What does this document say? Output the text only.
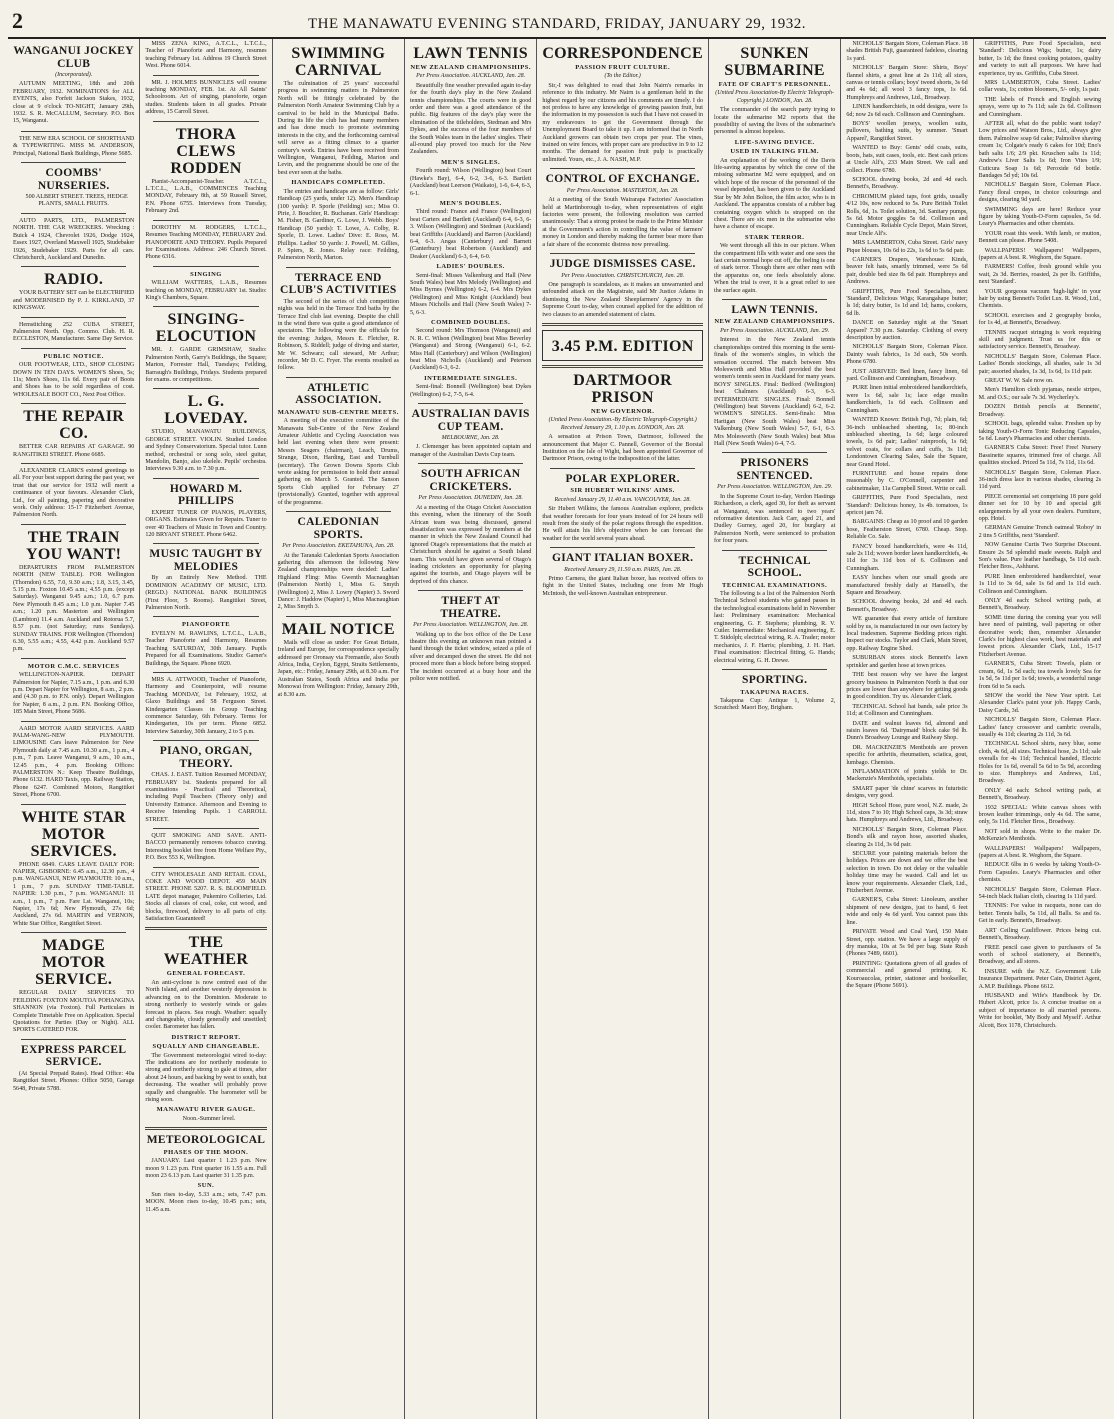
2	THE MANAWATU EVENING STANDARD, FRIDAY, JANUARY 29, 1932.
WANGANUI JOCKEY CLUB
(Incorporated).
AUTUMN MEETING, 18th and 20th FEBRUARY, 1932. NOMINATIONS for ALL EVENTS, also Forfeit Jackson Stakes, 1932, close at 9 o'clock TO-NIGHT, January 29th, 1932. S. R. McCALLUM, Secretary. P.O. Box 15, Wanganui.
THE NEW ERA SCHOOL OF SHORTHAND & TYPEWRITING. MISS M. ANDERSON, Principal, National Bank Buildings, Phone 5685.
COOMBS' NURSERIES.
500 ALBERT STREET. TREES, HEDGE PLANTS, SMALL FRUITS.
AUTO PARTS, LTD., PALMERSTON NORTH. THE CAR WRECKERS. Wrecking : Buick 4 1924, Chevrolet 1926, Dodge 1924, Essex 1927, Overland Maxwell 1925, Studebaker 1926, Studebaker 1929. Parts for all cars. Christchurch, Auckland and Dunedin.
RADIO.
YOUR BATTERY SET can be ELECTRIFIED and MODERNISED By P. J. KIRKLAND, 37 KINGSWAY.
Hemstitching 252 CUBA STREET, Palmerston North. Opp. Commo. Club. H. R. ECCLESTON, Manufacturer. Same Day Service.
PUBLIC NOTICE.
OUR FOOTWEAR, LTD., SHOP CLOSING DOWN IN TEN DAYS. WOMEN'S Shoes, 5s; 11s; Men's Shoes, 11s 6d. Every pair of Boots and Shoes has to be sold regardless of cost. WHOLESALE BOOT CO., Next Post Office.
THE REPAIR CO.
BETTER CAR REPAIRS AT GARAGE. 90 RANGITIKEI STREET. Phone 6685.
ALEXANDER CLARK'S extend greetings to all. For your best support during the past year, we trust that our service for 1932 will merit a continuance of your favours. Alexander Clark, Ltd., for all painting, papering and decorative work. Only address: 15-17 Fitzherbert Avenue, Palmerston North.
THE TRAIN YOU WANT!
DEPARTURES FROM PALMERSTON NORTH (NEW TABLE). FOR Wellington (Thorndon) 6.55, 7.0, 9.30 a.m.; 1.8, 3.15, 3.45, 5.15 p.m. Foxton 10.45 a.m.; 4.55 p.m. (except Saturday). Wanganui 9.45 a.m.; 1.0, 6.7 p.m. New Plymouth 8.45 a.m.; 1.0 p.m. Napier 7.45 a.m.; 1.20 p.m. Masterton and Wellington (Lambton) 11.4 a.m. Auckland and Rotorua 5.7, 8.57 p.m. (not Saturday; runs Sundays). SUNDAY TRAINS. FOR Wellington (Thorndon) 6.30, 5.55 a.m.; 4.55, 4.42 p.m. Auckland 9.57 p.m.
MOTOR C.M.C. SERVICES
WELLINGTON-NAPIER. DEPART Palmerston for Napier, 7.15 a.m., 1 p.m. and 6.30 p.m. Depart Napier for Wellington, 8 a.m., 2 p.m. and (4.30 p.m. to P.N. only). Depart Wellington for Napier, 8 a.m., 2 p.m. P.N. Booking Office, 185 Main Street, Phone 5686.
AARD MOTOR AARD SERVICES. AARD PALM-WANG-NEW PLYMOUTH. LIMOUSINE Cars leave Palmerston for New Plymouth daily at 7.45 a.m. 10.30 a.m., 1 p.m., 4 p.m., 7 p.m. Leave Wanganui, 9 a.m., 10 a.m., 12.45 p.m., 4 p.m. Booking Offices: PALMERSTON N.: Keep Theatre Buildings, Phone 6132. HARD Taxis, opp. Railway Station, Phone 6247. Combined Motors, Rangitikei Street, Phone 6700.
WHITE STAR MOTOR SERVICES.
PHONE 6849. CARS LEAVE DAILY FOR: NAPIER, GISBORNE: 6.45 a.m., 12.30 p.m., 4 p.m. WANGANUI, NEW PLYMOUTH: 10 a.m., 1 p.m., 7 p.m. SUNDAY TIME-TABLE. NAPIER: 1.30 p.m., 7 p.m. WANGANUI: 11 a.m., 1 p.m., 7 p.m. Fare Lst. Wanganui, 10s; Napier, 17s 6d; New Plymouth, 27s 6d; Auckland, 27s 6d. MARTIN and VERNON, White Star Office, Rangitikei Street.
MADGE MOTOR SERVICE.
REGULAR DAILY SERVICES TO FEILDING FOXTON MOUTOA POHANGINA SHANNON (via Foxton). Full Particulars in Complete Timetable Free on Application. Special Quotations for Parties (Day or Night). ALL SPORTS CATERED FOR.
EXPRESS PARCEL SERVICE.
(At Special Prepaid Rates). Head Office: 40a Rangitikei Street. Phones: Office 5050, Garage 5648, Private 5788.
MISS ZENA KING, A.T.C.L., L.T.C.L., Teacher of Pianoforte and Harmony, resumes teaching February 1st. Address 19 Church Street West. Phone 6014.
MR. J. HOLMES BUNNICLES will resume teaching MONDAY, FEB. 1st. At All Saints' Schoolroom. Art of singing, pianoforte, organ studies. Students taken in all grades. Private address, 15 Carroll Street.
THORA CLEWS RODDEN
Pianist-Accompanist-Teacher. A.T.C.L., L.T.C.L., L.A.B., COMMENCES Teaching MONDAY, February 8th, at 59 Russell Street, P.N. Phone 6755. Interviews from Tuesday, February 2nd.
DOROTHY M. RODGERS, L.T.C.L., Resumes Teaching MONDAY, FEBRUARY 2nd. PIANOFORTE AND THEORY. Pupils Prepared for Examinations. Address: 246 Church Street. Phone 6316.
SINGING
WILLIAM WATTERS, L.A.B., Resumes teaching on MONDAY, FEBRUARY 1st. Studio: King's Chambers, Square.
SINGING-ELOCUTION
MR. J. GARDE GRIMSHAW, Studio: Palmerston North, Garry's Buildings, the Square; Marton, Forrester Hall, Tuesdays; Feilding, Barraugh's Buildings, Fridays. Students prepared for exams. or competitions.
L. G. LOVEDAY.
STUDIO, MANAWATU BUILDINGS, GEORGE STREET. VIOLIN. Studied London and Sydney Conservatorium. Special tutor. Lunn method, orchestral or song solo, steel guitar, Mandolin, Banjo, also ukelele. Pupils' orchestra. Interviews 9.30 a.m. to 7.30 p.m.
HOWARD M. PHILLIPS
EXPERT TUNER OF PIANOS, PLAYERS, ORGANS. Estimates Given for Repairs. Tuner to over 40 Teachers of Music in Town and Country. 120 BRYANT STREET. Phone 6462.
MUSIC TAUGHT BY MELODIES
By an Entirely New Method. THE DOMINION ACADEMY OF MUSIC, LTD. (REGD.) NATIONAL BANK BUILDINGS (First Floor, 5 Rooms). Rangitikei Street, Palmerston North.
PIANOFORTE
EVELYN M. RAWLINS, L.T.C.L., L.A.B., Teacher Pianoforte and Harmony, Resumes Teaching SATURDAY, 30th January. Pupils Prepared for all Examinations. Studio: Garner's Buildings, the Square. Phone 6920.
MRS A. ATTWOOD, Teacher of Pianoforte, Harmony and Counterpoint, will resume Teaching MONDAY, 1st February, 1932, at Glaxo Buildings and 58 Ferguson Street. Kindergarten Classes in Group Teaching commence Saturday, 6th February. Terms for Kindergarten, 10s per term. Phone 6852. Interview Saturday, 30th January, 2 to 5 p.m.
PIANO, ORGAN, THEORY.
CHAS. J. EAST. Tuition Resumed MONDAY, FEBRUARY 1st. Students prepared for all examinations - Practical and Theoretical, including Pupil Teachers (Theory only) and University Entrance. Afternoon and Evening to Receive Intending Pupils. 1 CARROLL STREET.
QUIT SMOKING AND SAVE. ANTI-BACCO permanently removes tobacco craving. Interesting booklet free from Home Welfare Pty., P.O. Box 553 K, Wellington.
CITY WHOLESALE AND RETAIL COAL, COKE AND WOOD DEPOT. 459 MAIN STREET. PHONE 5207. R. S. BLOOMFIELD. LATE depot manager, Pukemiro Collieries, Ltd. Stocks all classes of coal, coke, cut wood, and blocks, firewood, delivery to all parts of city. Satisfaction Guaranteed!
THE WEATHER
GENERAL FORECAST.
An anti-cyclone is now centred east of the North Island, and another westerly depression is advancing on to the Dominion. Moderate to strong northerly to westerly winds or gales forecast in places. Sea rough. Weather: squally and changeable, cloudy generally and unsettled; cooler. Barometer has fallen.
DISTRICT REPORT.
SQUALLY AND CHANGEABLE.
The Government meteorologist wired to-day: The indications are for northerly moderate to strong and northerly strong to gale at times, after about 24 hours, and backing by west to south, but decreasing. The weather will probably prove squally and changeable. The barometer will be rising soon.
MANAWATU RIVER GAUGE.
Noon.-Summer level.
METEOROLOGICAL
PHASES OF THE MOON.
JANUARY. Last quarter 1 1.23 p.m. New moon 9 1.23 p.m. First quarter 16 1.55 a.m. Full moon 23 6.13 p.m. Last quarter 31 1.35 p.m.
SUN.
Sun rises to-day, 5.33 a.m.; sets, 7.47 p.m. MOON. Moon rises to-day, 10.45 p.m.; sets, 11.45 a.m.
SWIMMING CARNIVAL
The culmination of 25 years' successful progress in swimming matters in Palmerston North will be fittingly celebrated by the Palmerston North Amateur Swimming Club by a carnival to be held in the Municipal Baths. During its life the club has had many members and has done much to promote swimming interests in the city, and the forthcoming carnival will serve as a fitting climax to a quarter century's work. Entries have been received from Wellington, Wanganui, Feilding, Marton and Levin, and the programme should be one of the best ever seen at the baths.
HANDICAPS COMPLETED.
The entries and handicaps are as follow: Girls' Handicap (25 yards, under 12). Men's Handicap (100 yards): P. Sporle (Feilding) scr.; Miss O. Pirie, J. Bouchier, R. Buchanan. Girls' Handicap: M. Fisher, B. Gardiner, G. Lowe, J. Webb. Boys' Handicap (50 yards): T. Lowe, A. Colby, R. Sporle, D. Lowe. Ladies' Dive: E. Ross, M. Phillips. Ladies' 50 yards: J. Powell, M. Gillies, P. Spiers, R. Jones. Relay race: Feilding, Palmerston North, Marton.
TERRACE END CLUB'S ACTIVITIES
The second of the series of club competition nights was held in the Terrace End baths by the Terrace End club last evening. Despite the chill in the wind there was quite a good attendance of spectators. The following were the officials for the evening: Judges, Messrs E. Fletcher, R. Robinson, S. Riddell; judge of diving and starter, Mr W. Schwarz; call steward, Mr Arthur; recorder, Mr D. C. Fryer. The events resulted as follow.
ATHLETIC ASSOCIATION.
MANAWATU SUB-CENTRE MEETS.
A meeting of the executive committee of the Manawatu Sub-Centre of the New Zealand Amateur Athletic and Cycling Association was held last evening when there were present: Messrs Seagers (chairman), Leach, Drums, Strange, Dixon, Harding, East and Turnbull (secretary). The Grown Downs Sports Club wrote asking for permission to hold their annual gathering on March 5. Granted. The Sanson Sports Club applied for February 27 (provisionally). Granted, together with approval of the programme.
CALEDONIAN SPORTS.
Per Press Association. EKETAHUNA, Jan. 28.
At the Taranaki Caledonian Sports Association gathering this afternoon the following New Zealand championships were decided: Ladies' Highland Fling: Miss Gwenth Macnaughtan (Palmerston North) 1, Miss G. Smyth (Wellington) 2, Miss J. Lowry (Napier) 3. Sword Dance: J. Haddow (Napier) 1, Miss Macnaughtan 2, Miss Smyth 3.
MAIL NOTICE
Mails will close as under: For Great Britain, Ireland and Europe, for correspondence specially addressed per Oronsay via Fremantle, also South Africa, India, Ceylon, Egypt, Straits Settlements, Japan, etc.: Friday, January 29th, at 8.30 a.m. For Australian States, South Africa and India per Monowai from Wellington: Friday, January 29th, at 8.30 a.m.
LAWN TENNIS
NEW ZEALAND CHAMPIONSHIPS.
Per Press Association. AUCKLAND, Jan. 28.
Beautifully fine weather prevailed again to-day for the fourth day's play in the New Zealand tennis championships. The courts were in good order and there was a good attendance of the public. Big features of the day's play were the elimination of the titleholders, Stedman and Mrs Dykes, and the success of the four members of the South Wales team in the ladies' singles. Their all-round play proved too much for the New Zealanders.
MEN'S SINGLES.
Fourth round: Wilson (Wellington) beat Court (Hawke's Bay), 6-4, 6-2, 3-6, 6-3. Bartlett (Auckland) beat Leerson (Waikato), 1-6, 6-4, 6-3, 6-1.
MEN'S DOUBLES.
Third round: France and France (Wellington) beat Carters and Bartlett (Auckland) 6-4, 6-3, 6-3. Wilson (Wellington) and Stedman (Auckland) beat Griffiths (Auckland) and Barron (Auckland) 6-4, 6-3. Angas (Canterbury) and Barnett (Canterbury) beat Robertson (Auckland) and Deaker (Auckland) 6-3, 6-4, 6-0.
LADIES' DOUBLES.
Semi-final: Misses Valkenburg and Hall (New South Wales) beat Mrs Melody (Wellington) and Miss Byrnes (Wellington) 6-2, 6-4. Mrs Dykes (Wellington) and Miss Knight (Auckland) beat Misses Nicholls and Hall (New South Wales) 7-5, 6-3.
COMBINED DOUBLES.
Second round: Mrs Thomson (Wanganui) and N. R. C. Wilson (Wellington) beat Miss Beverley (Wanganui) and Strong (Wanganui) 6-1, 6-2. Miss Hall (Canterbury) and Wilson (Wellington) beat Miss Nicholls (Auckland) and Peterson (Auckland) 6-3, 6-2.
INTERMEDIATE SINGLES.
Semi-final: Bonnell (Wellington) beat Dykes (Wellington) 6-2, 7-5, 6-4.
AUSTRALIAN DAVIS CUP TEAM.
MELBOURNE, Jan. 28.
J. Clemenger has been appointed captain and manager of the Australian Davis Cup team.
SOUTH AFRICAN CRICKETERS.
Per Press Association. DUNEDIN, Jan. 28.
At a meeting of the Otago Cricket Association this evening, when the itinerary of the South African team was being discussed, general dissatisfaction was expressed by members at the manner in which the New Zealand Council had ignored Otago's representations that the match at Christchurch should be against a South Island team. This would have given several of Otago's leading cricketers an opportunity for playing against the tourists, and Otago players will be deprived of this chance.
THEFT AT THEATRE.
Per Press Association. WELLINGTON, Jan. 28.
Walking up to the box office of the De Luxe theatre this evening an unknown man pointed a hand through the ticket window, seized a pile of silver and decamped down the street. He did not proceed more than a block before being stopped. The incident occurred at a busy hour and the police were notified.
CORRESPONDENCE
PASSION FRUIT CULTURE.
(To the Editor.)
Sir,-I was delighted to read that John Nairn's remarks in reference to this industry. Mr Nairn is a gentleman held in the highest regard by our citizens and his comments are timely. I do not profess to have any knowledge of growing passion fruit, but the information in my possession is such that I have not ceased in my endeavours to get the Government through the Unemployment Board to take it up. I am informed that in North Auckland growers can obtain two crops per year. The vines, trained on wire fences, with proper care are productive in 9 to 12 months. The demand for passion fruit pulp is practically unlimited. Yours, etc., J. A. NASH, M.P.
CONTROL OF EXCHANGE.
Per Press Association. MASTERTON, Jan. 28.
At a meeting of the South Wairarapa Factories' Association held at Martinborough to-day, when representatives of eight factories were present, the following resolution was carried unanimously: That a strong protest be made to the Prime Minister at the Government's action in controlling the value of farmers' money in London and thereby making the farmer bear more than a fair share of the economic distress now prevailing.
JUDGE DISMISSES CASE.
Per Press Association. CHRISTCHURCH, Jan. 28.
One paragraph is scandalous, as it makes an unwarranted and unfounded attack on the Magistrate, said Mr Justice Adams in dismissing the New Zealand Sheepfarmers' Agency in the Supreme Court to-day, when counsel applied for the addition of two clauses to an amended statement of claim.
3.45 P.M. EDITION
DARTMOOR PRISON
NEW GOVERNOR.
(United Press Association.-By Electric Telegraph-Copyright.) Received January 29, 1.10 p.m. LONDON, Jan. 28.
A sensation at Prison Town, Dartmoor, followed the announcement that Major C. Pannell, Governor of the Borstal Institution on the Isle of Wight, had been appointed Governor of Dartmoor Prison, owing to the indisposition of the latter.
POLAR EXPLORER.
SIR HUBERT WILKINS' AIMS.
Received January 29, 11.40 a.m. VANCOUVER, Jan. 28.
Sir Hubert Wilkins, the famous Australian explorer, predicts that weather forecasts for four years instead of for 24 hours will result from the study of the polar regions through the expedition. He will attain his life's objective when he can forecast the weather for the world several years ahead.
GIANT ITALIAN BOXER.
Received January 29, 11.50 a.m. PARIS, Jan. 28.
Primo Carnera, the giant Italian boxer, has received offers to fight in the United States, including one from Mr Hugh McIntosh, the well-known Australian entrepreneur.
SUNKEN SUBMARINE
FATE OF CRAFT'S PERSONNEL.
(United Press Association-By Electric Telegraph-Copyright.) LONDON, Jan. 28.
The commander of the search party trying to locate the submarine M2 reports that the possibility of saving the lives of the submarine's personnel is almost hopeless.
LIFE-SAVING DEVICE.
USED IN TALKING FILM.
An explanation of the working of the Davis life-saving apparatus by which the crew of the missing submarine M2 were equipped, and on which hope of the rescue of the personnel of the vessel depended, has been given to the Auckland Star by Mr John Bolton, the film actor, who is in Auckland. The apparatus consists of a rubber bag containing oxygen which is strapped on the chest. There are six men in the submarine who have a chance of escape.
STARK TERROR.
We went through all this in our picture. When the compartment fills with water and one sees the last certain normal hope cut off, the feeling is one of stark terror. Though there are other men with the apparatus on, one feels absolutely alone. When the trial is over, it is a great relief to see the surface again.
LAWN TENNIS.
NEW ZEALAND CHAMPIONSHIPS.
Per Press Association. AUCKLAND, Jan. 29.
Interest in the New Zealand tennis championships centred this morning in the semi-finals of the women's singles, in which the sensation occurred. The match between Mrs Molesworth and Miss Hall provided the best women's tennis seen in Auckland for many years. BOYS' SINGLES. Final: Bedford (Wellington) beat Chalmers (Auckland) 6-3, 6-3. INTERMEDIATE SINGLES. Final: Bonnell (Wellington) beat Stevens (Auckland) 6-2, 6-2. WOMEN'S SINGLES. Semi-finals: Miss Hartigan (New South Wales) beat Miss Valkenburg (New South Wales) 5-7, 6-1, 6-3. Mrs Molesworth (New South Wales) beat Miss Hall (New South Wales) 6-4, 7-5.
PRISONERS SENTENCED.
Per Press Association. WELLINGTON, Jan. 29.
In the Supreme Court to-day, Verdon Hastings Richardson, a clerk, aged 30, for theft as servant at Wanganui, was sentenced to two years' reformative detention. Jack Carr, aged 21, and Dudley Gurney, aged 20, for burglary at Palmerston North, were sentenced to probation for four years.
TECHNICAL SCHOOL.
TECHNICAL EXAMINATIONS.
The following is a list of the Palmerston North Technical School students who gained passes in the technological examinations held in November last: Preliminary examination: Mechanical engineering, G. F. Stephens; plumbing, R. V. Cutler. Intermediate: Mechanical engineering, E. T. Stidolph; electrical wiring, R. A. Trader; motor mechanics, J. F. Harris; plumbing, J. H. Hart. Final examination: Electrical fitting, G. Hands; electrical wiring, G. H. Drewe.
SPORTING.
TAKAPUNA RACES.
Takapuna Cup: Antique 1, Volume 2, Scratched: Maori Boy, Brigham.
NICHOLLS' Bargain Store, Coleman Place. 18 shades British Fuji, guaranteed fadeless, clearing 1s yard.
NICHOLLS' Bargain Store: Shirts, Boys' flannel shirts, a great line at 2s 11d; all sizes, canvas or tennis collars; boys' tweed shorts, 3s 6d and 4s 6d; all wool 3 fancy tops, 1s 6d. Humphreys and Andrews, Ltd., Broadway.
LINEN handkerchiefs, in odd designs, were 1s 6d; now 2s 6d each. Collinson and Cunningham.
BOYS' woollen jerseys, woollen suits, pullovers, bathing suits, by summer. 'Smart Apparel', Rangitikei Street.
WANTED to Buy: Gents' odd coats, suits, boots, hats, suit cases, tools, etc. Best cash prices at Uncle Alf's, 233 Main Street. We call and collect. Phone 6780.
SCHOOL drawing books, 2d and 4d each. Bennett's, Broadway.
CHROMIUM plated taps, foot grids, usually 4/12 10s, now reduced to 5s. Pure British Toilet Rolls, 6d, 1s. Toilet solution, 3d. Sanitary pumps, 5s 6d. Motor goggles 5s 6d. Collinson and Cunningham. Reliable Cycle Depot, Main Street, near Uncle Alf's.
MRS LAMBERTON, Cuba Street. Girls' navy Pique blouses, 10s 6d to 22s, 1s 6d to 5s 6d pair.
CARNER'S Drapers, Warehouse: Kinds, beaver felt hats, smartly trimmed, were 5s 6d pair, double bed size 8s 6d pair. Humphreys and Andrews.
GRIFFITHS, Pure Food Specialists, next 'Standard', Delicious Wigs; Karangahape butter; ls 1d; dairy butter, 1s 1d and 1d; hams, cookers, 6d lb.
DANCE on Saturday night at the 'Smart Apparel' 7.30 p.m. Saturday. Clothing of every description by auction.
NICHOLLS' Bargain Store, Coleman Place. Dainty wash fabrics, 1s 3d each, 50s worth. Phone 6780.
JUST ARRIVED: Bed linen, fancy linen, 6d yard. Collinson and Cunningham, Broadway.
PURE linen initial embroidered handkerchiefs, were 1s 6d, sale 1s; lace edge muslin handkerchiefs, 1s 6d each. Collinson and Cunningham.
WANTED Known: British Fuji, 7d; plain, 6d; 36-inch unbleached sheeting, 1s; 80-inch unbleached sheeting, 1s 6d; large coloured towels, 1s 6d pair; Ladies' rainproofs, 1s 6d; velvet coats, for collars and cuffs, 3s 11d; Londontown Clearing Sales, Sale the Square, near Grand Hotel.
FURNITURE and house repairs done reasonably by C. O'Connell, carpenter and cabinetmaker, 11a Campbell Street. Write or call.
GRIFFITHS, Pure Food Specialists, next 'Standard': Delicious honey, 1s 4b. tomatoes, 1s apricot jam 7d.
BARGAINS: Cheap as 10 proof and 10 garden hose, Featherston Street, 6780. Cheap. Stop. Reliable Co. Sale.
FANCY boxed handkerchiefs, were 4s 11d, sale 2s 11d; woven border lawn handkerchiefs, 4s 11d for 3s 11d box of 6. Collinson and Cunningham.
EASY lunches when our small goods are manufactured freshly daily at Hansell's, the Square and Broadway.
SCHOOL drawing books, 2d and 4d each. Bennett's, Broadway.
WE guarantee that every article of furniture sold by us, is manufactured in our own factory by local tradesmen. Supreme Bedding prices right. Inspect our stocks. Taylor and Clark, Main Street, opp. Railway Engine Shed.
SUBURBAN stores stock Bennett's lawn sprinkler and garden hose at town prices.
THE best reason why we have the largest grocery business in Palmerston North is that our prices are lower than anywhere for getting goods in good condition. Try us. Alexander Clark.
TECHNICAL School hat bands, sale price 3s 11d; at Collinson and Cunningham.
DATE and walnut loaves 6d, almond and raisin loaves 6d. 'Dairymaid' block cake 9d lb. Dunn's Broadway Lounge and Railway Shop.
DR. MACKENZIE'S Menthoids are proven specific for arthritis, rheumatism, sciatica, gout, lumbago. Chemists.
INFLAMMATION of joints yields to Dr. Mackenzie's Menthoids, specialists.
SMART paper 'de chine' scarves in futuristic designs, very good.
HIGH School Hose, pure wool, N.Z. made, 2s 11d, sizes 7 to 10; High School caps, 3s 3d; straw hats. Humphreys and Andrews, Ltd., Broadway.
NICHOLLS' Bargain Store, Coleman Place. Bond's silk and rayon hose, assorted shades, clearing 2s 11d, 3s 6d pair.
SECURE your painting materials before the holidays. Prices are down and we offer the best selection in town. Do not delay or the valuable holiday time may be wasted. Call and let us know your requirements. Alexander Clark, Ltd., Fitzherbert Avenue.
GARNER'S, Cuba Street: Linoleum, another shipment of new designs, just to hand, 6 feet wide and only 4s 6d yard. You cannot pass this line.
PRIVATE Wood and Coal Yard, 150 Main Street, opp. station. We have a large supply of dry manuka, 10s at 5s 9d per bag. State Rush (Phones 7489, 6601).
PRINTING: Quotations given of all grades of commercial and general printing. K. Kouroaucolas, printer, stationer and bookseller, the Square (Phone 5691).
GRIFFITHS, Pure Food Specialists, next 'Standard': Delicious Wigs; butter, 1s; dairy butter, 1s 1d; the finest cooking potatoes, quality and variety to suit all purposes. We have had experience, try us. Griffiths, Cuba Street.
MRS LAMBERTON, Cuba Street. Ladies' collar vests, 1s; cotton bloomers, 5/- only, 1s pair.
THE labels of French and English sewing sprays, were up to 7s 11d; sale 2s 6d. Collinson and Cunningham.
AFTER all, what do the public want today? Low prices and Watson Bros., Ltd., always give them. Palmolive soap 6d cake; Palmolive shaving cream 1s; Colgate's ready 6 cakes for 10d; Eno's bath salts 1/6; 2/9 pkt. Kruschen salts 1s 11d; Andrew's Liver Salts 1s 6d; Iron Vites 1/9; Cuticura Soap 1s 6d; Peroxide 6d bottle. Bandages 5d yd; 10s 6d.
NICHOLLS' Bargain Store, Coleman Place. Fancy floral crepes, in choice colourings and designs, clearing 9d yard.
SWIMMING days are here! Reduce your figure by taking Youth-O-Form capsules, 5s 6d. Leary's Pharmacies and other chemists.
YOUR roast this week. With lamb, or mutton, Bennett can please. Phone 5408.
WALLPAPERS! Wallpapers! Wallpapers, (papers at A best. R. Weghorn, the Square.
FARMERS! Coffee, fresh ground while you wait, 2s 3d. Berries, roasted, 2s per lb. Griffiths, next 'Standard'.
YOUR gorgeous vacuum 'high-light' in your hair by using Bennett's Toilet Lux. R. Wood, Ltd., Chemists.
SCHOOL exercises and 2 geography books, for 1s 4d, at Bennett's, Broadway.
TENNIS racquet stringing is work requiring skill and judgment. Trust us for this or satisfactory service. Bennett's, Broadway.
NICHOLLS' Bargain Store, Coleman Place. Ladies' Bonds stockings, all shades, sale 1s 3d pair; assorted shades, 1s 3d, 1s 6d, 1s 11d pair.
GREAT W. W. Sale now on.
Men's Hamilton cloth pyjamas, nestle stripes, M. and O.S.; our sale 7s 3d. Wycherley's.
DOZEN British pencils at Bennetts', Broadway.
SCHOOL bags, splendid value. Freshen up by taking Youth-O-Form Tonic Reducing Capsules, 5s 6d. Leary's Pharmacies and other chemists.
GARNER'S Cuba Street: Free! Free! Nursery Bassinette squares, trimmed free of charge. All qualities stocked. Priced 5s 11d, 7s 11d, 11s 6d.
NICHOLLS' Bargain Store, Coleman Place. 36-inch dress lace in various shades, clearing 2s 11d yard.
PIECE ceremonial set comprising 18 pure gold dinner set for 10 by 10 and special gift enlargements by all your own dealers. Furniture, opp. Hotel.
GERMAN Genuine Trench oatmeal 'Roboy' in 2 tins 5 Griffiths, next 'Standard'.
NOW Genuine Curtis Two Surprise Discount. Ensure 2s 5d splendid made sweets. Ralph and Son's value. Pure leather handbags, 5s 11d each. Fletcher Bros., Ashhurst.
PURE linen embroidered handkerchief, wear 1s 11d to 3s 6d, sale 1s 6d and 1s 11d each. Collinson and Cunningham.
ONLY 4d each: School writing pads, at Bennett's, Broadway.
SOME time during the coming year you will have need of painting, wall papering or other decorative work; then, remember Alexander Clark's for highest class work, best materials and lowest prices. Alexander Clark, Ltd., 15-17 Fitzherbert Avenue.
GARNER'S, Cuba Street: Towels, plain or cream, 6d, 1s 5d each; tea towels lovely Sea for 1s 5d, 5s 11d per 1s 6d; towels, a wonderful range from 6d to 5s each.
SHOW the world the New Year spirit. Let Alexander Clark's paint your job. Happy Cards, Daisy Cards, 3d.
NICHOLLS' Bargain Store, Coleman Place. Ladies' fancy crossover and cambric overalls, usually 4s 11d; clearing 2s 11d, 3s 6d.
TECHNICAL School shirts, navy blue, some cloth, 4s 6d, all sizes. Technical hose, 2s 11d; sale overalls for 4s 11d; Technical handed, Electric Holes for 1s 6d, overall 5s 6d to 5s 9d, according to size. Humphreys and Andrews, Ltd., Broadway.
ONLY 4d each: School writing pads, at Bennett's, Broadway.
1932 SPECIAL: White canvas shoes with brown leather trimmings, only 4s 6d. The same, only, 5s 11d. Fletcher Bros., Broadway.
NOT sold in shops. Write to the maker Dr. McKenzie's Menthoids.
WALLPAPERS! Wallpapers! Wallpapers, (papers at A best. R. Weghorn, the Square.
REDUCE 6lbs in 6 weeks by taking Youth-O-Form Capsules. Leary's Pharmacies and other chemists.
NICHOLLS' Bargain Store, Coleman Place. 54-inch black Italian cloth, clearing 1s 11d yard.
TENNIS: For value in racquets, none can do better. Tennis balls, 5s 11d, all Balls. Ss and 6s. Get in early. Bennett's, Broadway.
ART Ceiling Cauliflower. Prices being cut. Bennett's, Broadway.
FREE pencil case given to purchasers of 5s worth of school stationery, at Bennett's, Broadway, and all stores.
INSURE with the N.Z. Government Life Insurance Department. Peter Cain, District Agent, A.M.P. Buildings. Phone 6612.
HUSBAND and Wife's Handbook by Dr. Hubert Alcott, price 1s. A concise treatise on a subject of importance to all married persons. Write for booklet, 'My Body and Myself'. Arthur Alcott, Box 1178, Christchurch.
